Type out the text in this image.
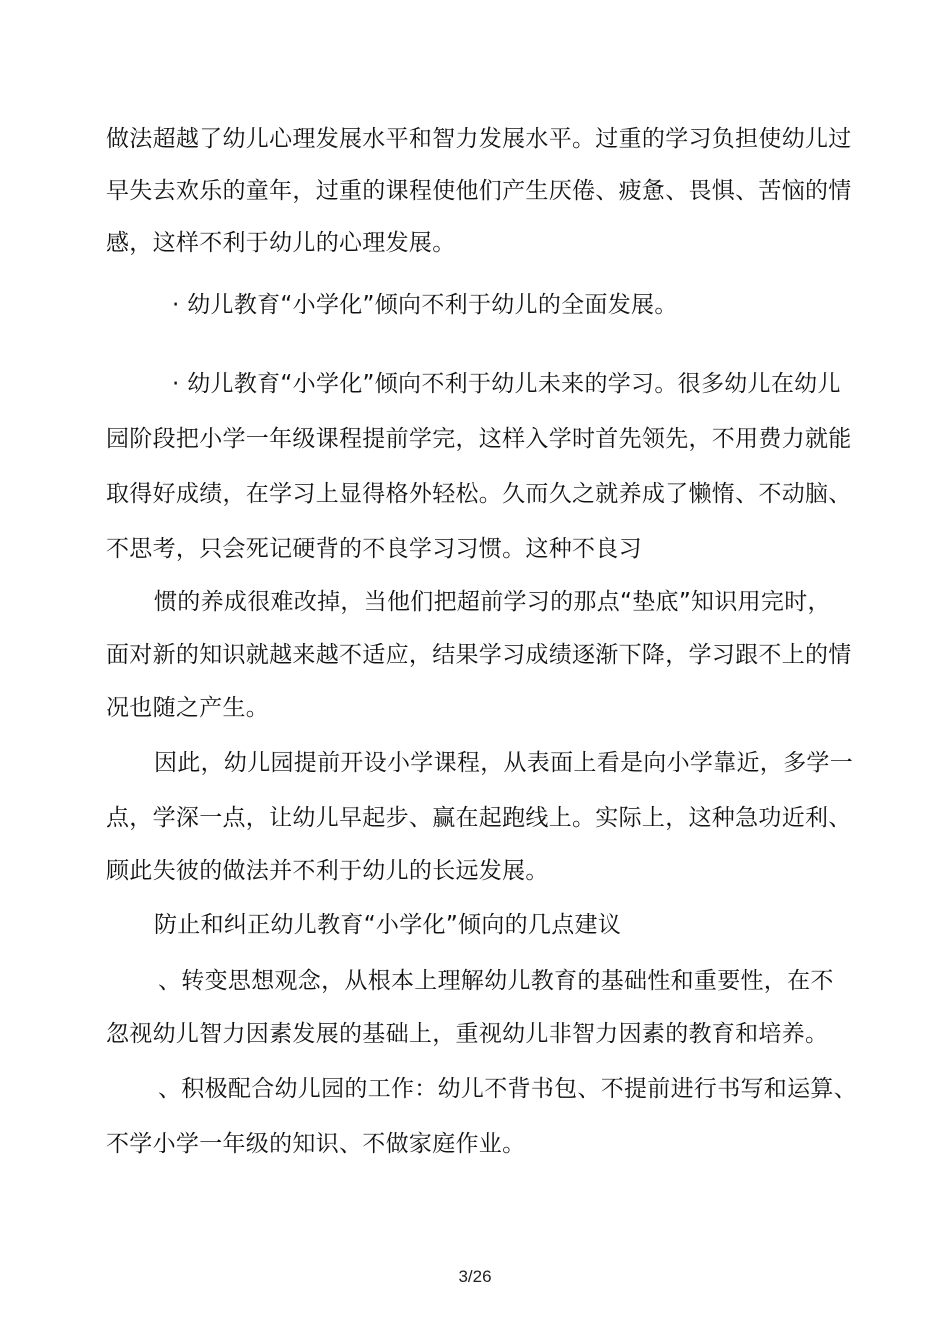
做法超越了幼儿心理发展水平和智力发展水平。过重的学习负担使幼儿过
早失去欢乐的童年，过重的课程使他们产生厌倦、疲惫、畏惧、苦恼的情
感，这样不利于幼儿的心理发展。
· 幼儿教育“小学化”倾向不利于幼儿的全面发展。
· 幼儿教育“小学化”倾向不利于幼儿未来的学习。很多幼儿在幼儿
园阶段把小学一年级课程提前学完，这样入学时首先领先，不用费力就能
取得好成绩，在学习上显得格外轻松。久而久之就养成了懒惰、不动脑、
不思考，只会死记硬背的不良学习习惯。这种不良习
惯的养成很难改掉，当他们把超前学习的那点“垫底”知识用完时，
面对新的知识就越来越不适应，结果学习成绩逐渐下降，学习跟不上的情
况也随之产生。
因此，幼儿园提前开设小学课程，从表面上看是向小学靠近，多学一
点，学深一点，让幼儿早起步、赢在起跑线上。实际上，这种急功近利、
顾此失彼的做法并不利于幼儿的长远发展。
防止和纠正幼儿教育“小学化”倾向的几点建议
、转变思想观念，从根本上理解幼儿教育的基础性和重要性，在不
忽视幼儿智力因素发展的基础上，重视幼儿非智力因素的教育和培养。
、积极配合幼儿园的工作：幼儿不背书包、不提前进行书写和运算、
不学小学一年级的知识、不做家庭作业。
3/26
